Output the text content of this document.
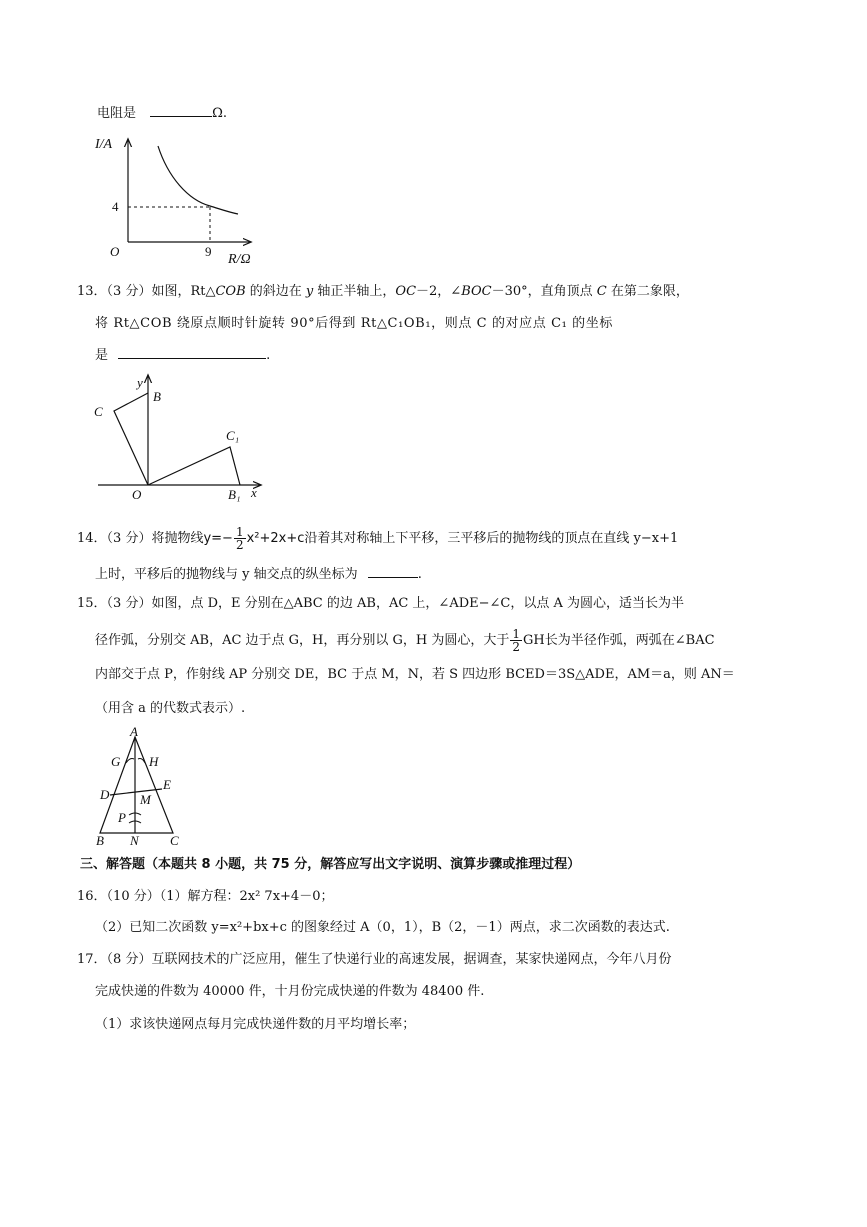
电阻是	Ω.
I/A
4
O	9
R/Ω
13．（3 分）如图，Rt△COB 的斜边在 y 轴正半轴上，OC－2，∠BOC－30°，直角顶点 C 在第二象限，
将 Rt△COB 绕原点顺时针旋转 90°后得到 Rt△C₁OB₁，则点 C 的对应点 C₁ 的坐标
是	.
y
B
C
C₁
O	B₁ x
14．（3 分）将抛物线$y=- \frac{1}{2} x^2+2x+c$沿着其对称轴上下平移，三平移后的抛物线的顶点在直线 y−x+1
上时，平移后的抛物线与 y 轴交点的纵坐标为	.
15．（3 分）如图，点 D，E 分别在△ABC 的边 AB，AC 上，∠ADE−∠C，以点 A 为圆心，适当长为半
径作弧，分别交 AB，AC 边于点 G，H，再分别以 G，H 为圆心，大于 $\frac{1}{2}$ GH长为半径作弧，两弧在∠BAC
内部交于点 P，作射线 AP 分别交 DE，BC 于点 M，N，若 S 四边形 BCED＝3S△ADE，AM＝a，则 AN＝
（用含 a 的代数式表示）.
A
G H
E
D M
P
B N C
三、解答题（本题共 8 小题，共 75 分，解答应写出文字说明、演算步骤或推理过程）
16．（10 分）（1）解方程：2x² 7x+4－0；
（2）已知二次函数 y=x²+bx+c 的图象经过 A（0，1），B（2，－1）两点，求二次函数的表达式.
17．（8 分）互联网技术的广泛应用，催生了快递行业的高速发展，据调查，某家快递网点，今年八月份
完成快递的件数为 40000 件，十月份完成快递的件数为 48400 件.
（1）求该快递网点每月完成快递件数的月平均增长率；
